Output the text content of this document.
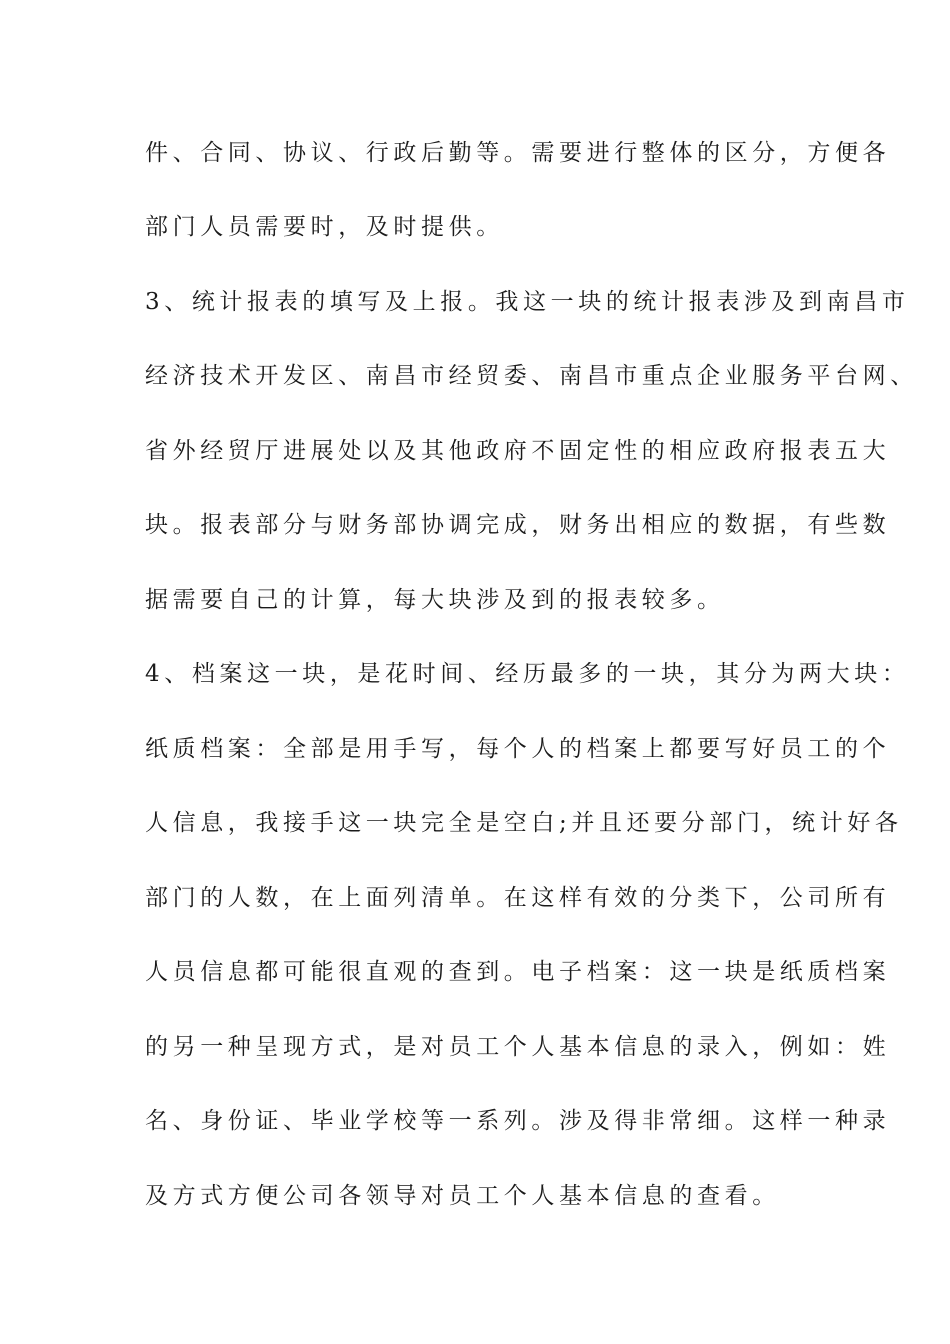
件、合同、协议、行政后勤等。需要进行整体的区分，方便各
部门人员需要时，及时提供。
3、统计报表的填写及上报。我这一块的统计报表涉及到南昌市
经济技术开发区、南昌市经贸委、南昌市重点企业服务平台网、
省外经贸厅进展处以及其他政府不固定性的相应政府报表五大
块。报表部分与财务部协调完成，财务出相应的数据，有些数
据需要自己的计算，每大块涉及到的报表较多。
4、档案这一块，是花时间、经历最多的一块，其分为两大块：
纸质档案：全部是用手写，每个人的档案上都要写好员工的个
人信息，我接手这一块完全是空白;并且还要分部门，统计好各
部门的人数，在上面列清单。在这样有效的分类下，公司所有
人员信息都可能很直观的查到。电子档案：这一块是纸质档案
的另一种呈现方式，是对员工个人基本信息的录入，例如：姓
名、身份证、毕业学校等一系列。涉及得非常细。这样一种录
及方式方便公司各领导对员工个人基本信息的查看。
